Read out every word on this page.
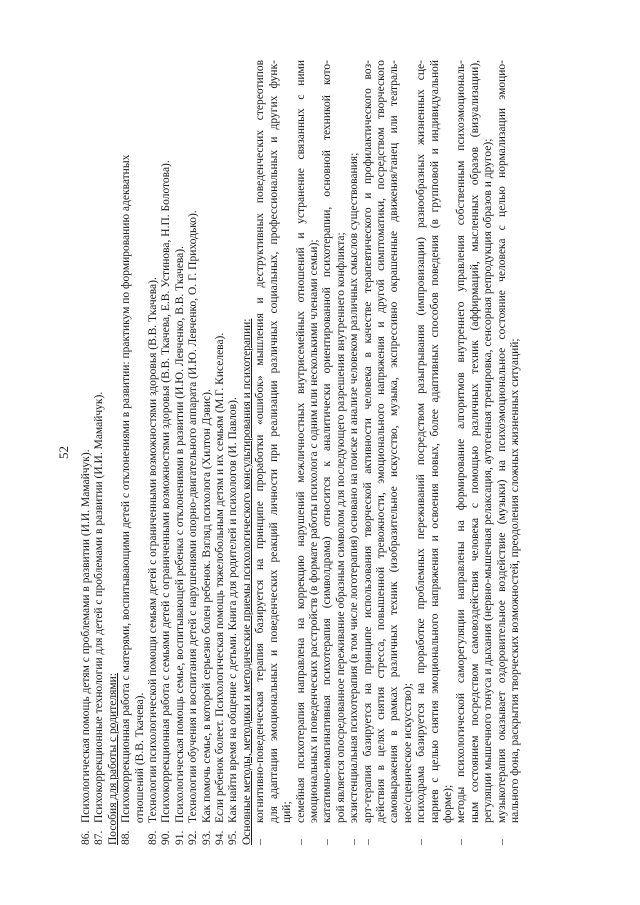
52
86.Психологическая помощь детям с проблемами в развитии (И.И. Мамайчук).
87.Психокоррекционные технологии для детей с проблемами в развитии (И.И. Мамайчук). Пособия для работы с родителями: 88.Психокоррекционная работа с матерями, воспитывающими детей с отклонениями в развитии: практикум по формированию адекватных отношений (В.В. Ткачева).
89.Технологии психологической помощи семьям детей с ограниченными возможностями здоровья (В.В. Ткачева).
90.Психокоррекционная работа с семьями детей с ограниченными возможностями здоровья (В.В. Ткачева, Е.В. Устинова, Н.П. Болотова).
91.Психологическая помощь семье, воспитывающей ребенка с отклонениями в развитии (И.Ю. Левченко, В.В. Ткачева).
92.Технологии обучения и воспитания детей с нарушениями опорно-двигательного аппарата (И.Ю. Левченко, О. Г. Приходько).
93.Как помочь семье, в которой серьезно болен ребенок. Взгляд психолога (Хилтон Дэвис).
94.Если ребенок болеет. Психологическая помощь тяжелобольным детям и их семьям (М.Г. Киселева).
95.Как найти время на общение с детьми. Книга для родителей и психологов (И. Павлов). Основные методы, методики и методические приемы психологического консультирования и психотерапии: –
когнитивно-поведенческая терапия базируется на принципе проработки «ошибок» мышления и деструктивных поведенческих стереотипов для адаптации эмоциональных и поведенческих реакций личности при реализации различных социальных, профессиональных и других функ- ций;
–
семейная психотерапия направлена на коррекцию нарушений межличностных внутрисемейных отношений и устранение связанных с ними эмоциональных и поведенческих расстройств (в формате работы психолога с одним или несколькими членами семьи);
–
кататимно-имагинативная психотерапия (символдрама) относится к аналитически ориентированной психотерапии, основной техникой кото- рой является опосредованное переживание образным символом для последующего разрешения внутреннего конфликта;
–
экзистенциальная психотерапия (в том числе логотерапия) основано на поиске и анализе человеком различных смыслов существования;
–
арт-терапия базируется на принципе использования творческой активности человека в качестве терапевтического и профилактического воз- действия в целях снятия стресса, повышенной тревожности, эмоционального напряжения и другой симптоматики, посредством творческого самовыражения в рамках различных техник (изобразительное искусство, музыка, экспрессивно окрашенные движения/танец или театраль- ное/сценическое искусство);
–
психодрама базируется на проработке проблемных переживаний посредством разыгрывания (импровизации) разнообразных жизненных сце- нариев с целью снятия эмоционального напряжения и освоения новых, более адаптивных способов поведения (в групповой и индивидуальной форме);
–
методы психологической саморегуляции направлены на формирование алгоритмов внутреннего управления собственным психоэмоциональ- ным состоянием посредством самовоздействия человека с помощью различных техник (аффирмаций, мысленных образов (визуализации), регуляции мышечного тонуса и дыхания (нервно-мышечная релаксация, аутогенная тренировка, сенсорная репродукция образов и другое);
–
музыкотерапия оказывает оздоровительное воздействие (музыки) на психоэмоциональное состояние человека с целью нормализации эмоцио- нального фона, раскрытия творческих возможностей, преодоления сложных жизненных ситуаций;
